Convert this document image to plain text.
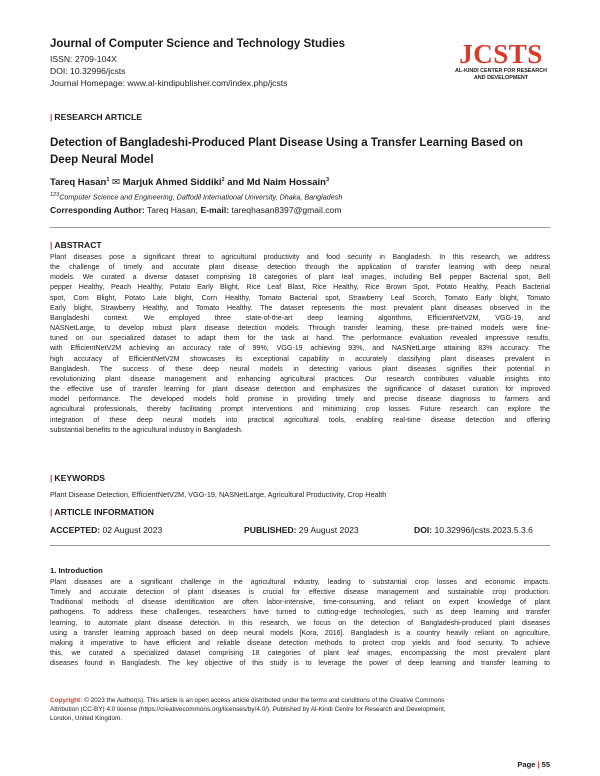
Journal of Computer Science and Technology Studies
ISSN: 2709-104X
DOI: 10.32996/jcsts
Journal Homepage: www.al-kindipublisher.com/index.php/jcsts
JCSTS
AL-KINDI CENTER FOR RESEARCH
AND DEVELOPMENT
| RESEARCH ARTICLE
Detection of Bangladeshi-Produced Plant Disease Using a Transfer Learning Based on
Deep Neural Model
Tareq Hasan$^1$ ✉ Marjuk Ahmed Siddiki$^2$ and Md Naim Hossain$^3$
$^{123}$Computer Science and Engineering, Daffodil International University, Dhaka, Bangladesh
Corresponding Author: Tareq Hasan, E-mail: tareqhasan8397@gmail.com
| ABSTRACT
Plant diseases pose a significant threat to agricultural productivity and food security in Bangladesh. In this research, we address
the challenge of timely and accurate plant disease detection through the application of transfer learning with deep neural
models. We curated a diverse dataset comprising 18 categories of plant leaf images, including Bell pepper Bacterial spot, Bell
pepper Healthy, Peach Healthy, Potato Early Blight, Rice Leaf Blast, Rice Healthy, Rice Brown Spot, Potato Healthy, Peach Bacterial
spot, Corn Blight, Potato Late blight, Corn Healthy, Tomato Bacterial spot, Strawberry Leaf Scorch, Tomato Early blight, Tomato
Early blight, Strawberry Healthy, and Tomato Healthy. The dataset represents the most prevalent plant diseases observed in the
Bangladeshi context. We employed three state-of-the-art deep learning algorithms, EfficientNetV2M, VGG-19, and
NASNetLarge, to develop robust plant disease detection models. Through transfer learning, these pre-trained models were fine-
tuned on our specialized dataset to adapt them for the task at hand. The performance evaluation revealed impressive results,
with EfficientNetV2M achieving an accuracy rate of 99%, VGG-19 achieving 93%, and NASNetLarge attaining 83% accuracy. The
high accuracy of EfficientNetV2M showcases its exceptional capability in accurately classifying plant diseases prevalent in
Bangladesh. The success of these deep neural models in detecting various plant diseases signifies their potential in
revolutionizing plant disease management and enhancing agricultural practices. Our research contributes valuable insights into
the effective use of transfer learning for plant disease detection and emphasizes the significance of dataset curation for improved
model performance. The developed models hold promise in providing timely and precise disease diagnosis to farmers and
agricultural professionals, thereby facilitating prompt interventions and minimizing crop losses. Future research can explore the
integration of these deep neural models into practical agricultural tools, enabling real-time disease detection and offering
substantial benefits to the agricultural industry in Bangladesh.
| KEYWORDS
Plant Disease Detection, EfficientNetV2M, VGG-19, NASNetLarge, Agricultural Productivity, Crop Health
| ARTICLE INFORMATION
ACCEPTED: 02 August 2023	PUBLISHED: 29 August 2023	DOI: 10.32996/jcsts.2023.5.3.6
1. Introduction
Plant diseases are a significant challenge in the agricultural industry, leading to substantial crop losses and economic impacts.
Timely and accurate detection of plant diseases is crucial for effective disease management and sustainable crop production.
Traditional methods of disease identification are often labor-intensive, time-consuming, and reliant on expert knowledge of plant
pathogens. To address these challenges, researchers have turned to cutting-edge technologies, such as deep learning and transfer
learning, to automate plant disease detection. In this research, we focus on the detection of Bangladeshi-produced plant diseases
using a transfer learning approach based on deep neural models [Kora, 2016]. Bangladesh is a country heavily reliant on agriculture,
making it imperative to have efficient and reliable disease detection methods to protect crop yields and food security. To achieve
this, we curated a specialized dataset comprising 18 categories of plant leaf images, encompassing the most prevalent plant
diseases found in Bangladesh. The key objective of this study is to leverage the power of deep learning and transfer learning to
Copyright: © 2023 the Author(s). This article is an open access article distributed under the terms and conditions of the Creative Commons
Attribution (CC-BY) 4.0 license (https://creativecommons.org/licenses/by/4.0/). Published by Al-Kindi Centre for Research and Development,
London, United Kingdom.
Page | 55
